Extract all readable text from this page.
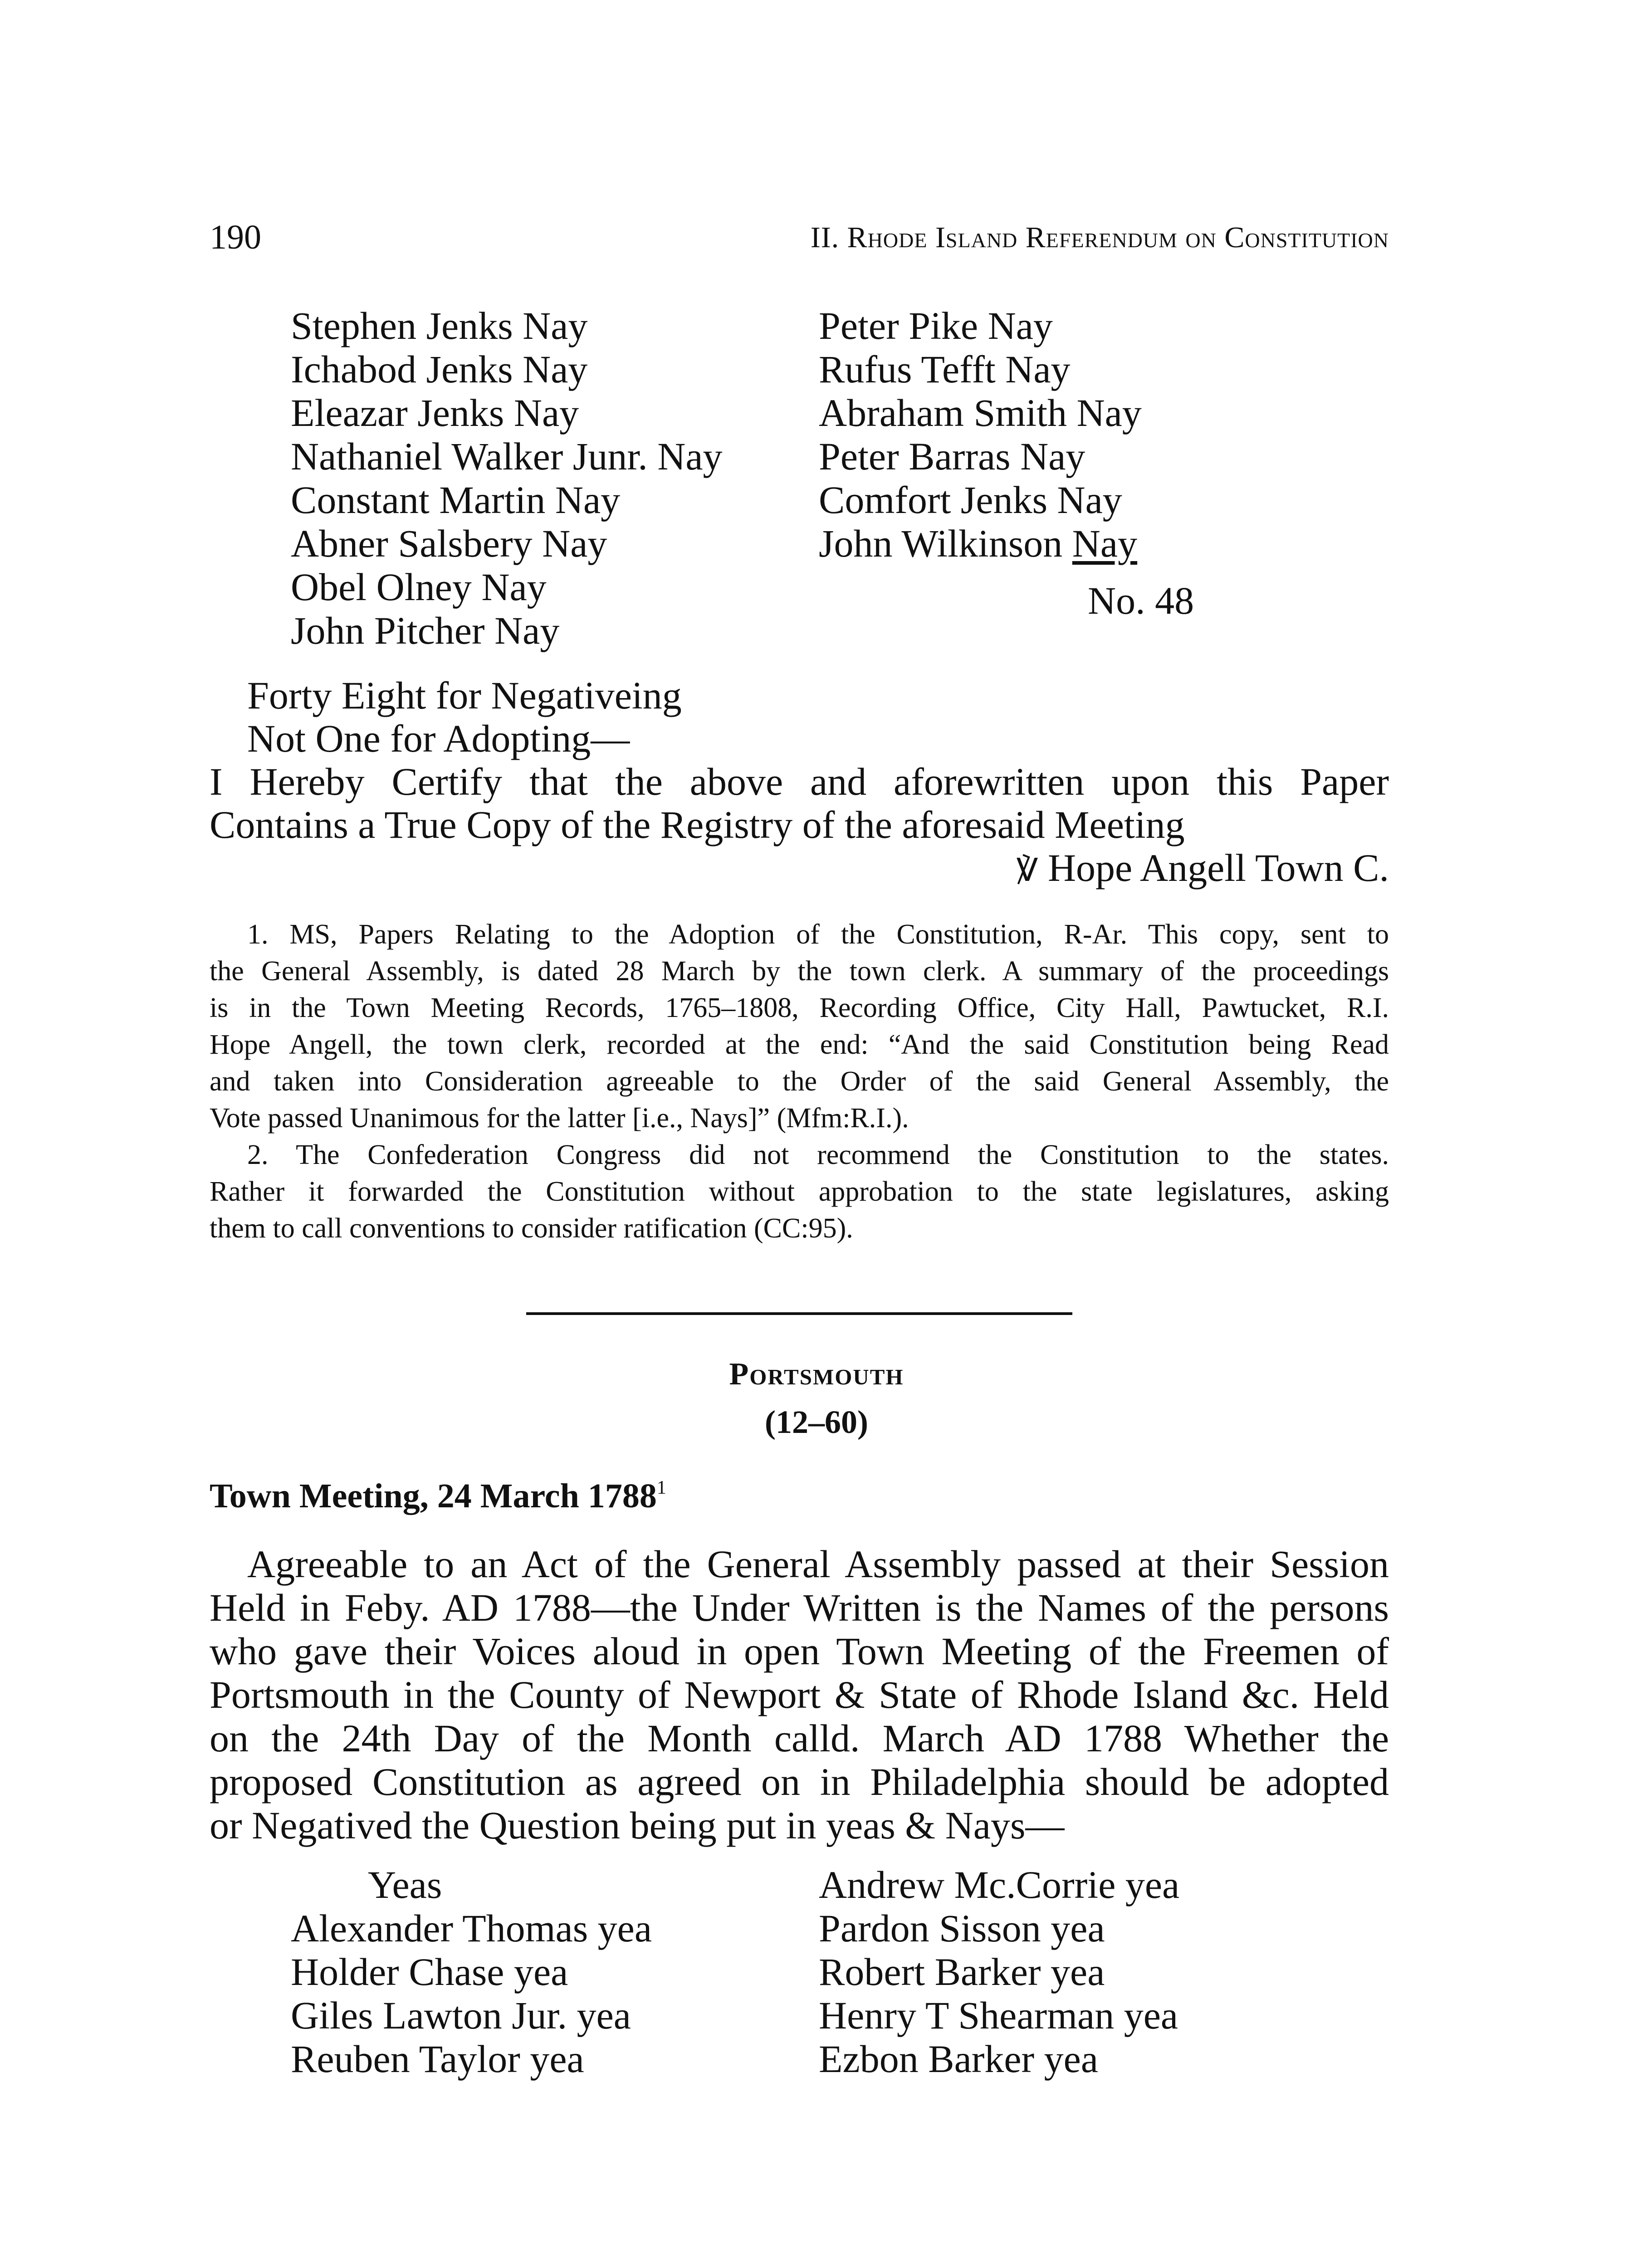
190	II. Rhode Island Referendum on Constitution
Stephen Jenks Nay
Ichabod Jenks Nay
Eleazar Jenks Nay
Nathaniel Walker Junr. Nay
Constant Martin Nay
Abner Salsbery Nay
Obel Olney Nay
John Pitcher Nay
Peter Pike Nay
Rufus Tefft Nay
Abraham Smith Nay
Peter Barras Nay
Comfort Jenks Nay
John Wilkinson Nay
No. 48
Forty Eight for Negativeing
Not One for Adopting—
I Hereby Certify that the above and aforewritten upon this Paper
Contains a True Copy of the Registry of the aforesaid Meeting
℣ Hope Angell Town C.
1. MS, Papers Relating to the Adoption of the Constitution, R-Ar. This copy, sent to
the General Assembly, is dated 28 March by the town clerk. A summary of the proceedings
is in the Town Meeting Records, 1765–1808, Recording Office, City Hall, Pawtucket, R.I.
Hope Angell, the town clerk, recorded at the end: “And the said Constitution being Read
and taken into Consideration agreeable to the Order of the said General Assembly, the
Vote passed Unanimous for the latter [i.e., Nays]” (Mfm:R.I.).
2. The Confederation Congress did not recommend the Constitution to the states.
Rather it forwarded the Constitution without approbation to the state legislatures, asking
them to call conventions to consider ratification (CC:95).
Portsmouth
(12–60)
Town Meeting, 24 March 1788$^1$
Agreeable to an Act of the General Assembly passed at their Session
Held in Feby. AD 1788—the Under Written is the Names of the persons
who gave their Voices aloud in open Town Meeting of the Freemen of
Portsmouth in the County of Newport & State of Rhode Island &c. Held
on the 24th Day of the Month calld. March AD 1788 Whether the
proposed Constitution as agreed on in Philadelphia should be adopted
or Negatived the Question being put in yeas & Nays—
Yeas
Alexander Thomas yea
Holder Chase yea
Giles Lawton Jur. yea
Reuben Taylor yea
Andrew Mc.Corrie yea
Pardon Sisson yea
Robert Barker yea
Henry T Shearman yea
Ezbon Barker yea
